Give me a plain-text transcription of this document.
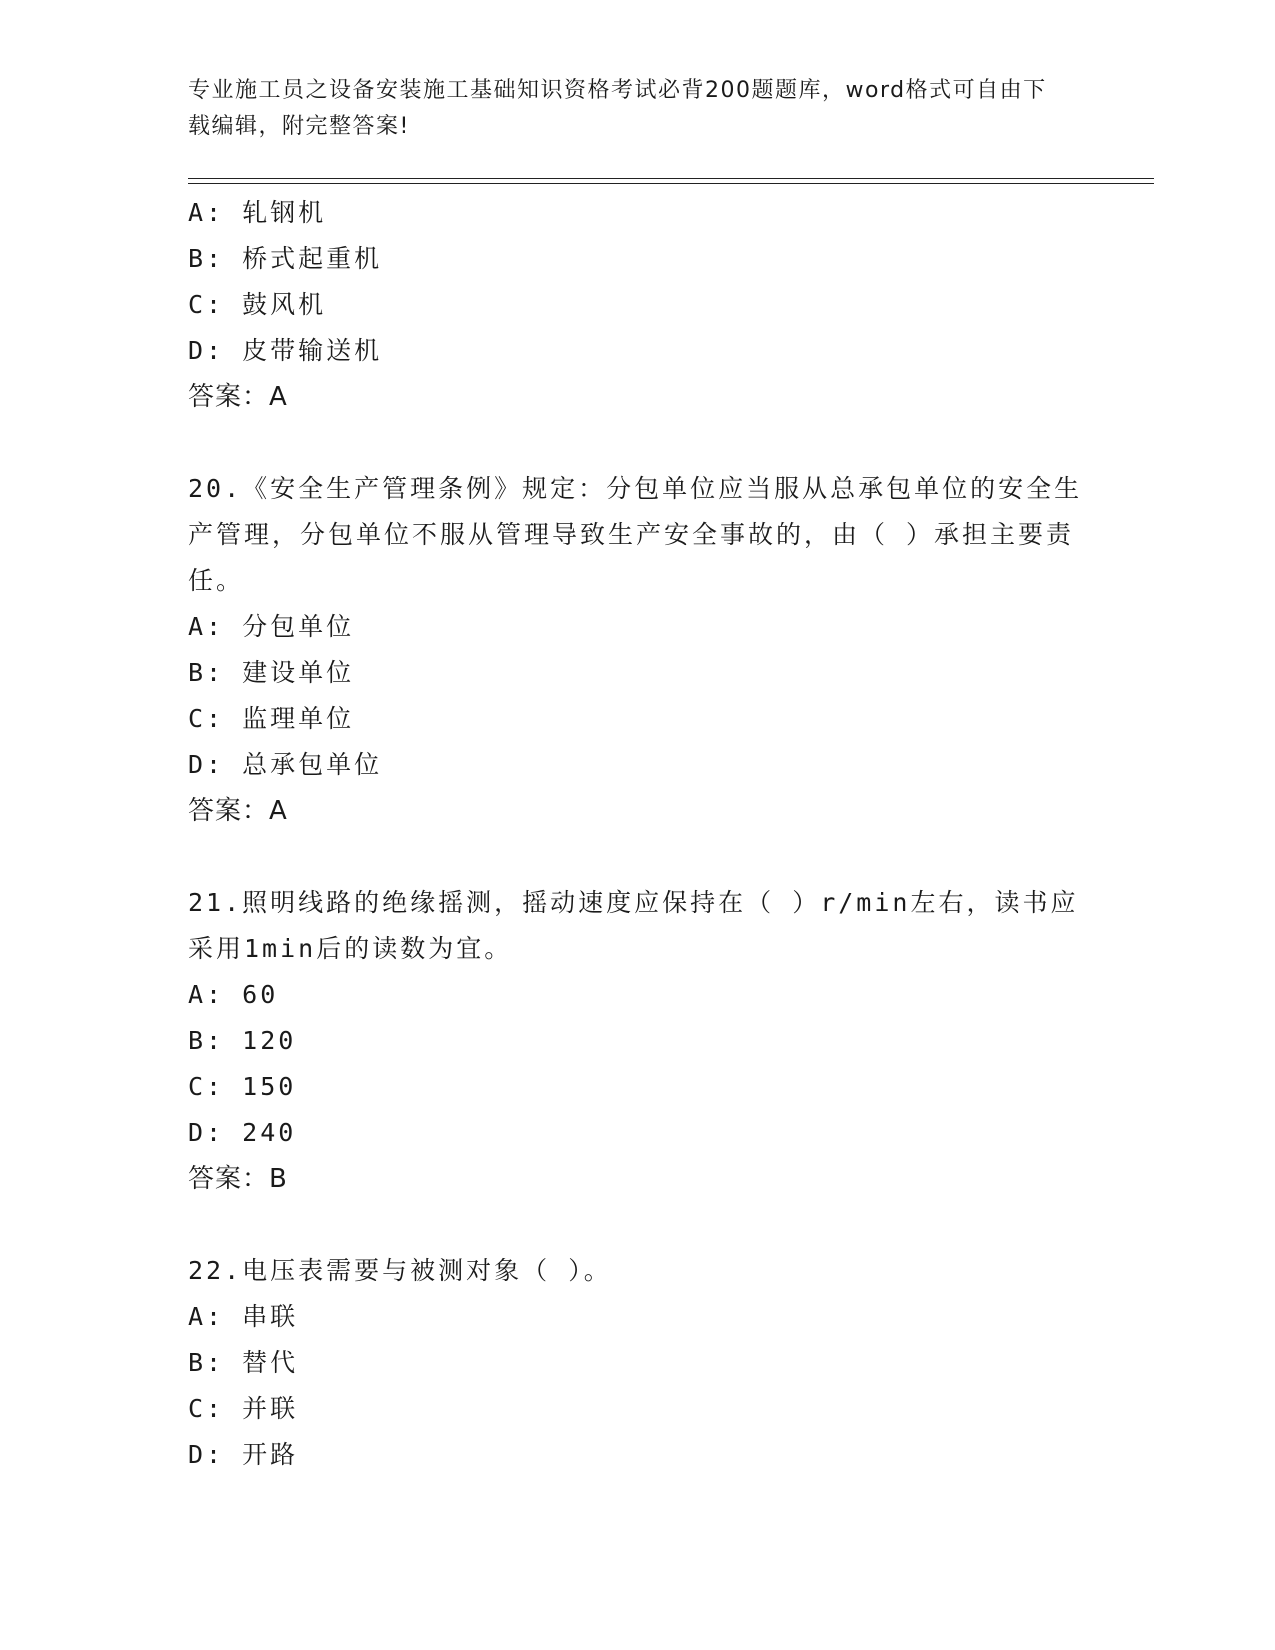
专业施工员之设备安装施工基础知识资格考试必背200题题库，word格式可自由下载编辑，附完整答案!
A: 轧钢机
B: 桥式起重机
C: 鼓风机
D: 皮带输送机
答案：A
20.《安全生产管理条例》规定：分包单位应当服从总承包单位的安全生产管理，分包单位不服从管理导致生产安全事故的，由（ ）承担主要责任。
A: 分包单位
B: 建设单位
C: 监理单位
D: 总承包单位
答案：A
21.照明线路的绝缘摇测，摇动速度应保持在（ ）r/min左右，读书应采用1min后的读数为宜。
A: 60
B: 120
C: 150
D: 240
答案：B
22.电压表需要与被测对象（ ）。
A: 串联
B: 替代
C: 并联
D: 开路
